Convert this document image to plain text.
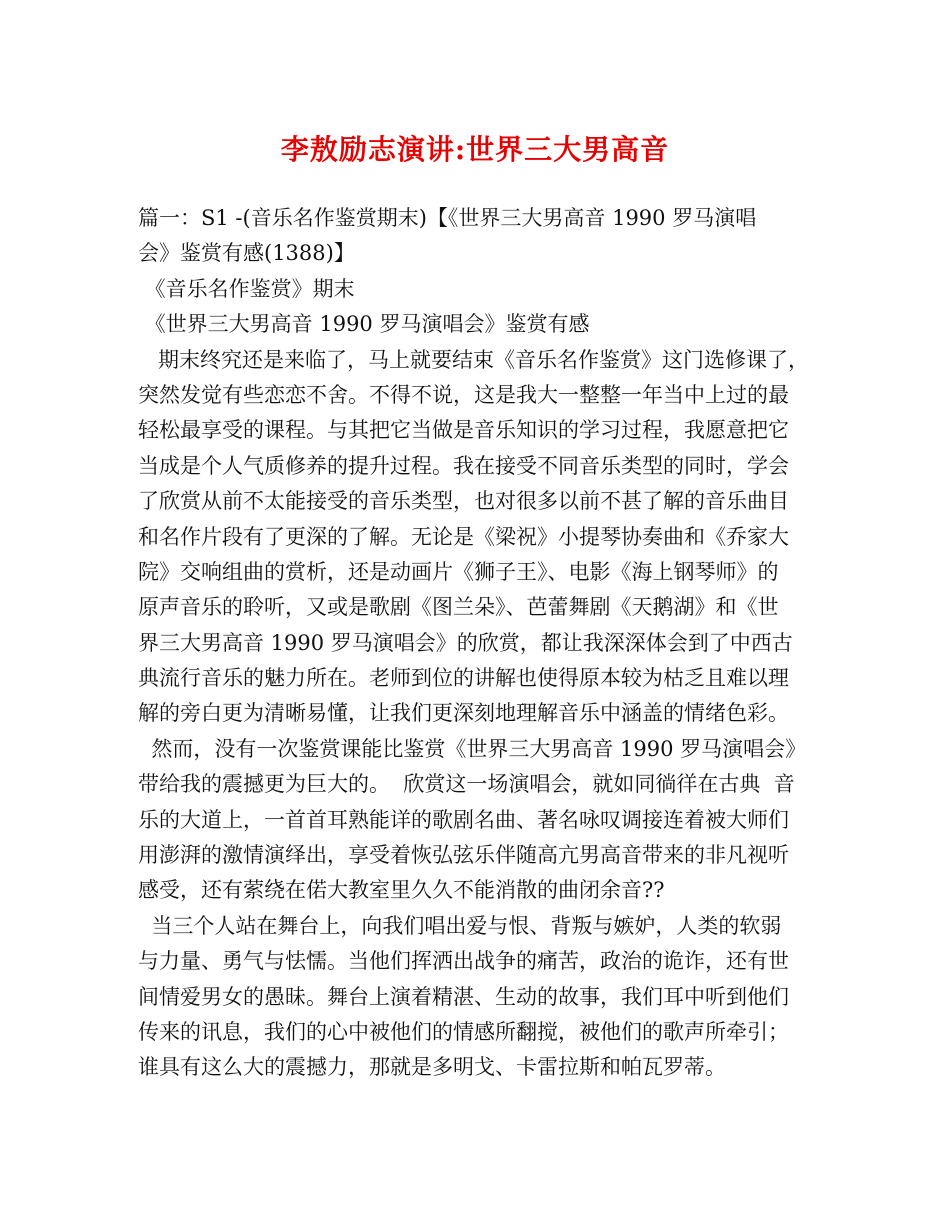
李敖励志演讲:世界三大男高音
篇一：S1 -(音乐名作鉴赏期末)【《世界三大男高音 1990 罗马演唱
会》鉴赏有感(1388)】
《音乐名作鉴赏》期末
《世界三大男高音 1990 罗马演唱会》鉴赏有感
期末终究还是来临了，马上就要结束《音乐名作鉴赏》这门选修课了，
突然发觉有些恋恋不舍。不得不说，这是我大一整整一年当中上过的最
轻松最享受的课程。与其把它当做是音乐知识的学习过程，我愿意把它
当成是个人气质修养的提升过程。我在接受不同音乐类型的同时，学会
了欣赏从前不太能接受的音乐类型，也对很多以前不甚了解的音乐曲目
和名作片段有了更深的了解。无论是《梁祝》小提琴协奏曲和《乔家大
院》交响组曲的赏析，还是动画片《狮子王》、电影《海上钢琴师》的
原声音乐的聆听，又或是歌剧《图兰朵》、芭蕾舞剧《天鹅湖》和《世
界三大男高音 1990 罗马演唱会》的欣赏，都让我深深体会到了中西古
典流行音乐的魅力所在。老师到位的讲解也使得原本较为枯乏且难以理
解的旁白更为清晰易懂，让我们更深刻地理解音乐中涵盖的情绪色彩。
然而，没有一次鉴赏课能比鉴赏《世界三大男高音 1990 罗马演唱会》
带给我的震撼更为巨大的。  欣赏这一场演唱会，就如同徜徉在古典  音
乐的大道上，一首首耳熟能详的歌剧名曲、著名咏叹调接连着被大师们
用澎湃的激情演绎出，享受着恢弘弦乐伴随高亢男高音带来的非凡视听
感受，还有萦绕在偌大教室里久久不能消散的曲闭余音??
当三个人站在舞台上，向我们唱出爱与恨、背叛与嫉妒，人类的软弱
与力量、勇气与怯懦。当他们挥洒出战争的痛苦，政治的诡诈，还有世
间情爱男女的愚昧。舞台上演着精湛、生动的故事，我们耳中听到他们
传来的讯息，我们的心中被他们的情感所翻搅，被他们的歌声所牵引；
谁具有这么大的震撼力，那就是多明戈、卡雷拉斯和帕瓦罗蒂。
